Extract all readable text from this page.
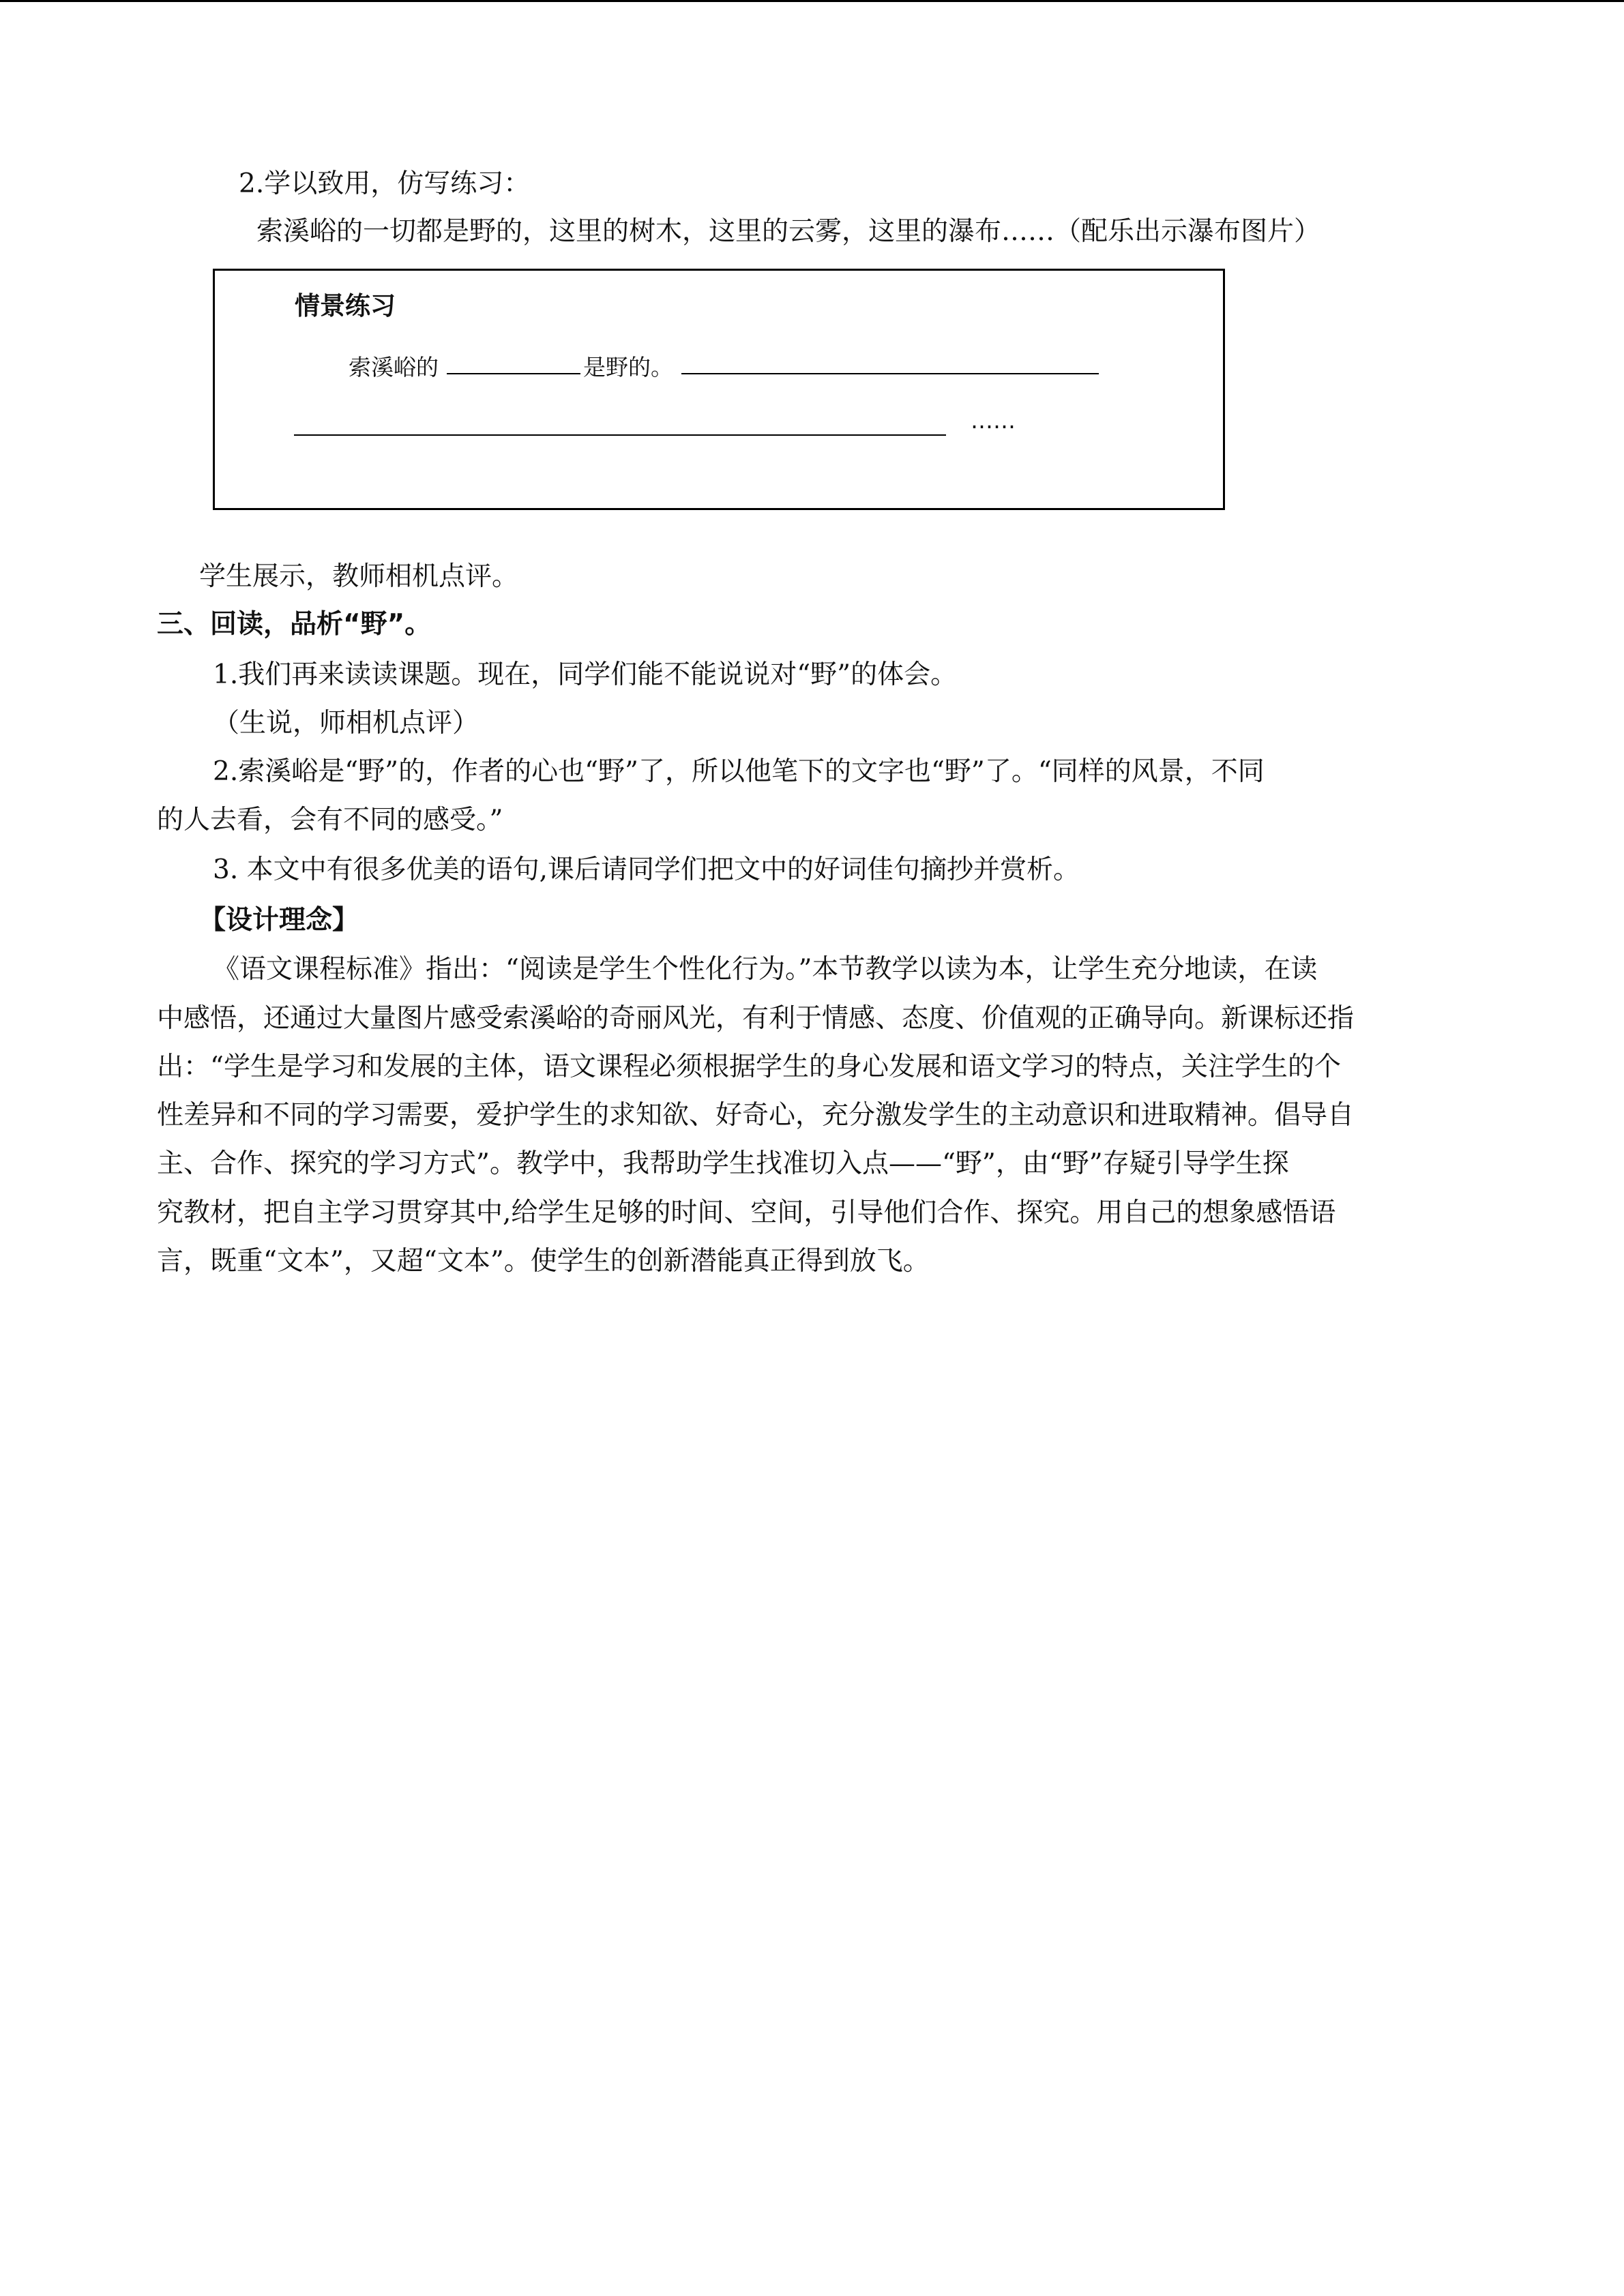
2.学以致用，仿写练习：
索溪峪的一切都是野的，这里的树木，这里的云雾，这里的瀑布……（配乐出示瀑布图片）
情景练习
索溪峪的	是野的。
……
学生展示，教师相机点评。
三、回读，品析“野”。
1.我们再来读读课题。现在，同学们能不能说说对“野”的体会。
（生说，师相机点评）
2.索溪峪是“野”的，作者的心也“野”了，所以他笔下的文字也“野”了。“同样的风景，不同
的人去看，会有不同的感受。”
3. 本文中有很多优美的语句,课后请同学们把文中的好词佳句摘抄并赏析。
【设计理念】
《语文课程标准》指出：“阅读是学生个性化行为。”本节教学以读为本，让学生充分地读，在读
中感悟，还通过大量图片感受索溪峪的奇丽风光，有利于情感、态度、价值观的正确导向。新课标还指
出：“学生是学习和发展的主体，语文课程必须根据学生的身心发展和语文学习的特点，关注学生的个
性差异和不同的学习需要，爱护学生的求知欲、好奇心，充分激发学生的主动意识和进取精神。倡导自
主、合作、探究的学习方式”。教学中，我帮助学生找准切入点——“野”，由“野”存疑引导学生探
究教材，把自主学习贯穿其中,给学生足够的时间、空间，引导他们合作、探究。用自己的想象感悟语
言，既重“文本”，又超“文本”。使学生的创新潜能真正得到放飞。
